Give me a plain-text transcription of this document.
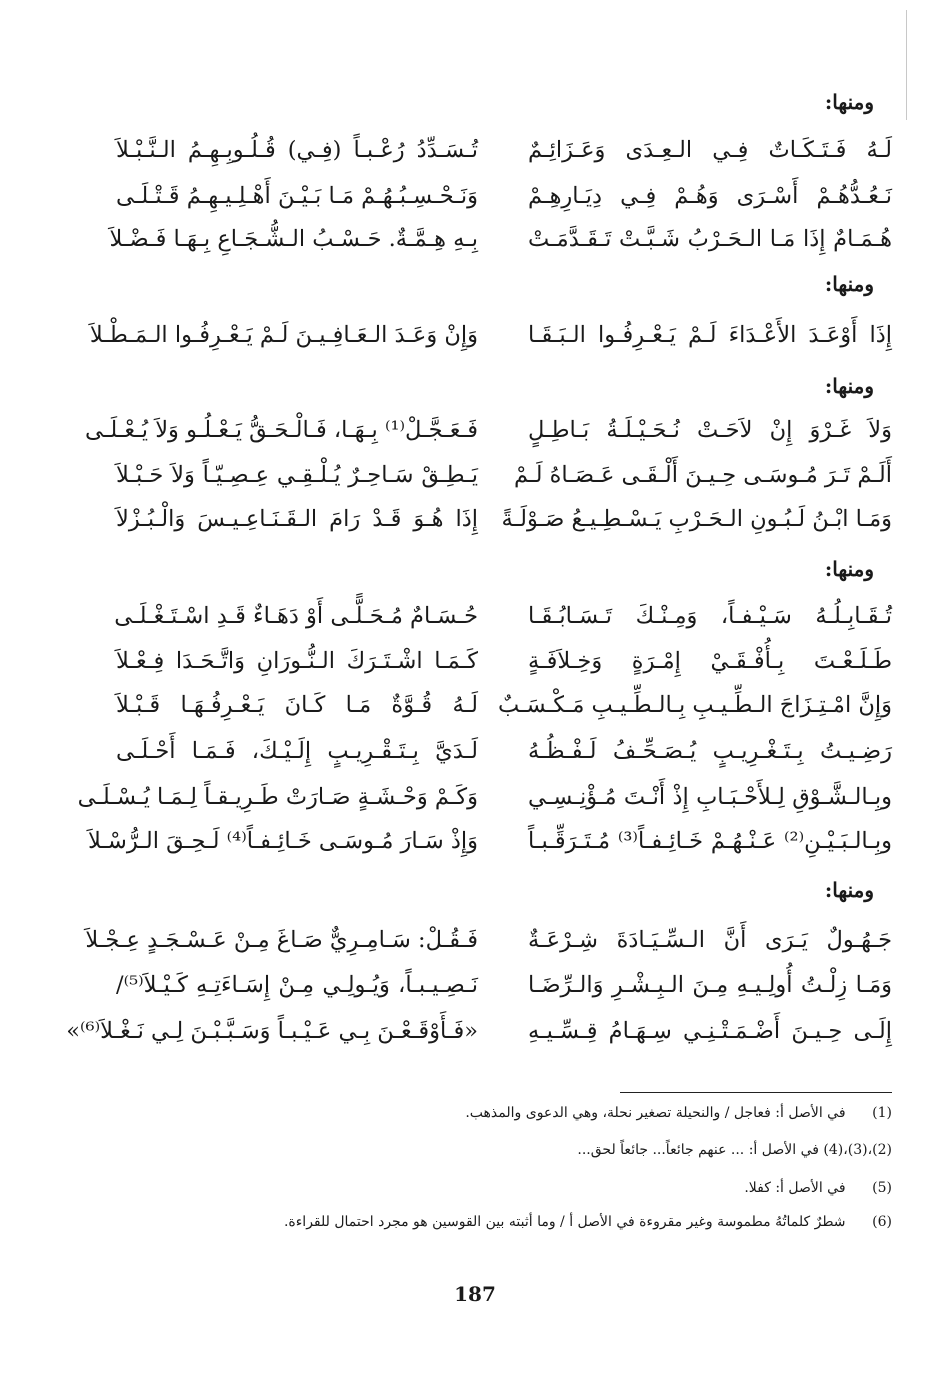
ومنها:
ومنها:
ومنها:
ومنها:
ومنها:
لَـهُ فَـتَـكَـاتٌ فِـي الـعِـدَى وَعَـزَائِـمٌ
تُـسَـدِّدُ رُعْـبـاً (فِـي) قُـلُـوبِـهِـمُ الـنَّـبْـلاَ
نَـعُـدُّهُـمْ أَسْـرَى وَهُـمْ فِـي دِيَـارِهِـمْ
وَنَـحْـسِـبُـهُـمْ مَـا بَـيْـنَ أَهْـلِـيـهِـمُ قَـتْـلَـى
هُـمَـامٌ إِذَا مَـا الـحَـرْبُ شَـبَّـتْ تَـقَـدَّمَـتْ
بِـهِ هِـمَّـةٌ. حَـسْـبُ الـشُّـجَـاعِ بِـهَـا فَـضْـلاَ
إِذَا أَوْعَـدَ الأَعْـدَاءَ لَـمْ يَـعْـرِفُـوا الـبَـقَـا
وَإِنْ وَعَـدَ الـعَـافِـيـنَ لَـمْ يَـعْـرِفُـوا الـمَـطْـلاَ
وَلاَ غَـرْوَ إِنْ لاَحَـتْ نُـحَـيْـلَـةُ بَـاطِـلٍ
فَـعَـجَّـلْ⁽¹⁾ بِـهَـا، فَـالْـحَـقُّ يَـعْـلُـو وَلاَ يُـعْـلَـى
أَلَـمْ تَـرَ مُـوسَـى حِـيـنَ أَلْـقَـى عَـصَـاهُ لَـمْ
يَـطِـقْ سَـاحِـرٌ يُـلْـقِـي عِـصِـيّـاً وَلاَ حَـبْـلاَ
وَمَـا ابْـنُ لَـبُـونِ الـحَـرْبِ يَـسْـطِـيـعُ صَـوْلَـةً
إِذَا هُـوَ قَـدْ رَامَ الـقَـنَـاعِـيـسَ وَالْـبُـزْلاَ
تُـقَـابِـلُـهُ سَـيْـفـاً، وَمِـنْـكَ تَـسَـابُـقَـا
حُـسَـامٌ مُـحَـلًّـى أَوْ دَهَـاءٌ قَـدِ اسْـتَـغْـلَـى
طَـلَـعْـتَ بِـأُفْـقَـيْ إِمْـرَةٍ وَخِـلاَفَـةٍ
كَـمَـا اشْـتَـرَكَ الـنُّـورَانِ وَاتَّـحَـدَا فِـعْـلاَ
وَإِنَّ امْـتِـزَاجَ الـطِّـيـبِ بِـالـطِّـيـبِ مَـكْـسَـبٌ
لَـهُ قُـوَّةٌ مَـا كَـانَ يَـعْـرِفُـهَـا قَـبْـلاَ
رَضِـيـتُ بِـتَـغْـرِيـبٍ يُـصَـحِّـفُ لَـفْـظُـهُ
لَـدَيَّ بِـتَـقْـرِيـبٍ إِلَـيْـكَ، فَـمَـا أَحْـلَـى
وبِـالـشَّـوْقِ لِـلأَحْـبَـابِ إِذْ أَنْـتَ مُـؤْنِـسِـي
وَكَـمْ وَحْـشَـةٍ صَـارَتْ طَـرِيـقـاً لِـمَـا يُـسْـلَـى
وبِـالـبَـيْـنِ⁽²⁾ عَـنْـهُـمْ خَـائِـفـاً⁽³⁾ مُـتَـرَقِّـبـاً
وَإِذْ سَـارَ مُـوسَـى خَـائِـفـاً⁽⁴⁾ لَـحِـقَ الـرُّسْـلاَ
جَـهُـولٌ يَـرَى أَنَّ الـسِّـيَـادَةَ شِـرْعَـةٌ
فَـقُـلْ: سَـامِـرِيٌّ صَـاغَ مِـنْ عَـسْـجَـدٍ عِـجْـلاَ
وَمَـا زِلْـتُ أُولِـيـهِ مِـنَ الـبِـشْـرِ وَالـرِّضَـا
نَـصِـيـبـاً، وَيُـولِـي مِـنْ إِسَـاءَتِـهِ كَـيْـلاَ⁽⁵⁾/
إِلَـى حِـيـنَ أَضْـمَـتْـنِـي سِـهَـامُ قِـسِّـيـهِ
«فَـأَوْقَـعْـنَ بِـي عَـيْـبـاً وَسَـبَّـبْـنَ لِـي نَـغْـلاَ⁽⁶⁾»
(1) في الأصل أ: فعاجل / والنحيلة تصغير نحلة، وهي الدعوى والمذهب.
(2)،(3)،(4) في الأصل أ: ... عنهم جائعاً... جائعاً لحق...
(5) في الأصل أ: كفلا.
(6) شطرٌ كلماتُهُ مطموسة وغير مقروءة في الأصل أ / وما أثبته بين القوسين هو مجرد احتمال للقراءة.
187
